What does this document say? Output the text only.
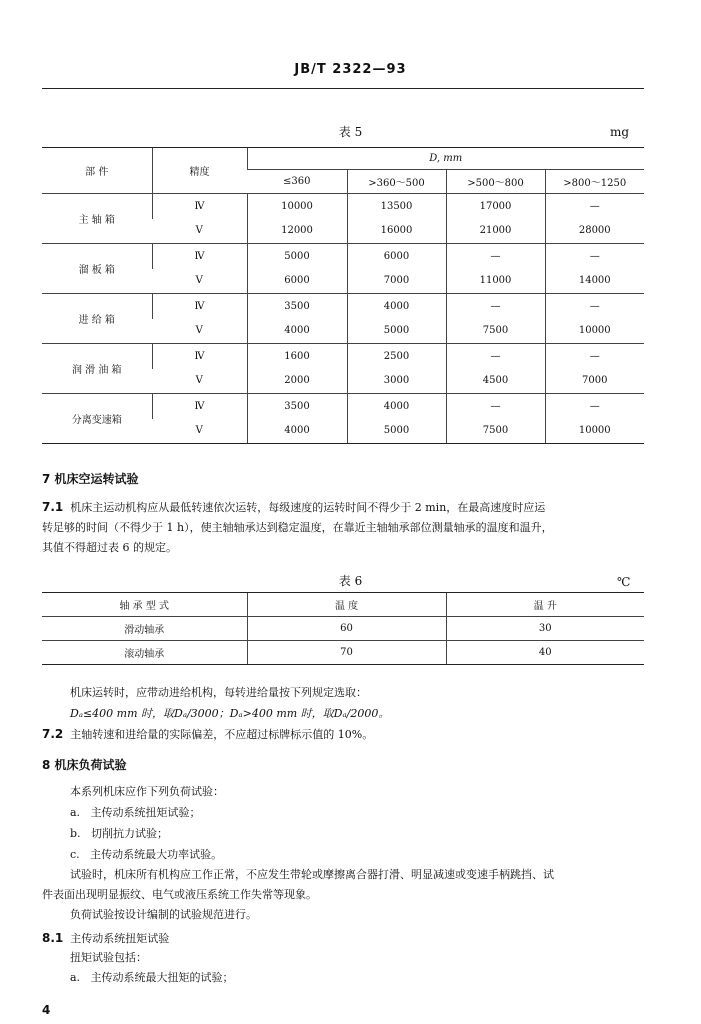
JB/T 2322—93
表 5	mg
部 件	精度	D, mm			
		≤360	>360～500	>500～800	>800～1250
主 轴 箱	Ⅳ	10000	13500	17000	—
	Ⅴ	12000	16000	21000	28000
溜 板 箱	Ⅳ	5000	6000	—	—
	Ⅴ	6000	7000	11000	14000
进 给 箱	Ⅳ	3500	4000	—	—
	Ⅴ	4000	5000	7500	10000
润 滑 油 箱	Ⅳ	1600	2500	—	—
	Ⅴ	2000	3000	4500	7000
分离变速箱	Ⅳ	3500	4000	—	—
	Ⅴ	4000	5000	7500	10000
7 机床空运转试验
7.1 机床主运动机构应从最低转速依次运转，每级速度的运转时间不得少于 2 min，在最高速度时应运
转足够的时间（不得少于 1 h），使主轴轴承达到稳定温度，在靠近主轴轴承部位测量轴承的温度和温升，
其值不得超过表 6 的规定。
表 6	℃
轴 承 型 式	温 度	温 升
滑动轴承	60	30
滚动轴承	70	40
机床运转时，应带动进给机构，每转进给量按下列规定选取：
Dₐ≤400 mm 时，取Dₐ/3000；Dₐ>400 mm 时，取Dₐ/2000。
7.2 主轴转速和进给量的实际偏差，不应超过标牌标示值的 10%。
8 机床负荷试验
本系列机床应作下列负荷试验：
a. 主传动系统扭矩试验；
b. 切削抗力试验；
c. 主传动系统最大功率试验。
试验时，机床所有机构应工作正常，不应发生带轮或摩擦离合器打滑、明显减速或变速手柄跳挡、试
件表面出现明显振纹、电气或液压系统工作失常等现象。
负荷试验按设计编制的试验规范进行。
8.1 主传动系统扭矩试验
扭矩试验包括：
a. 主传动系统最大扭矩的试验；
4
